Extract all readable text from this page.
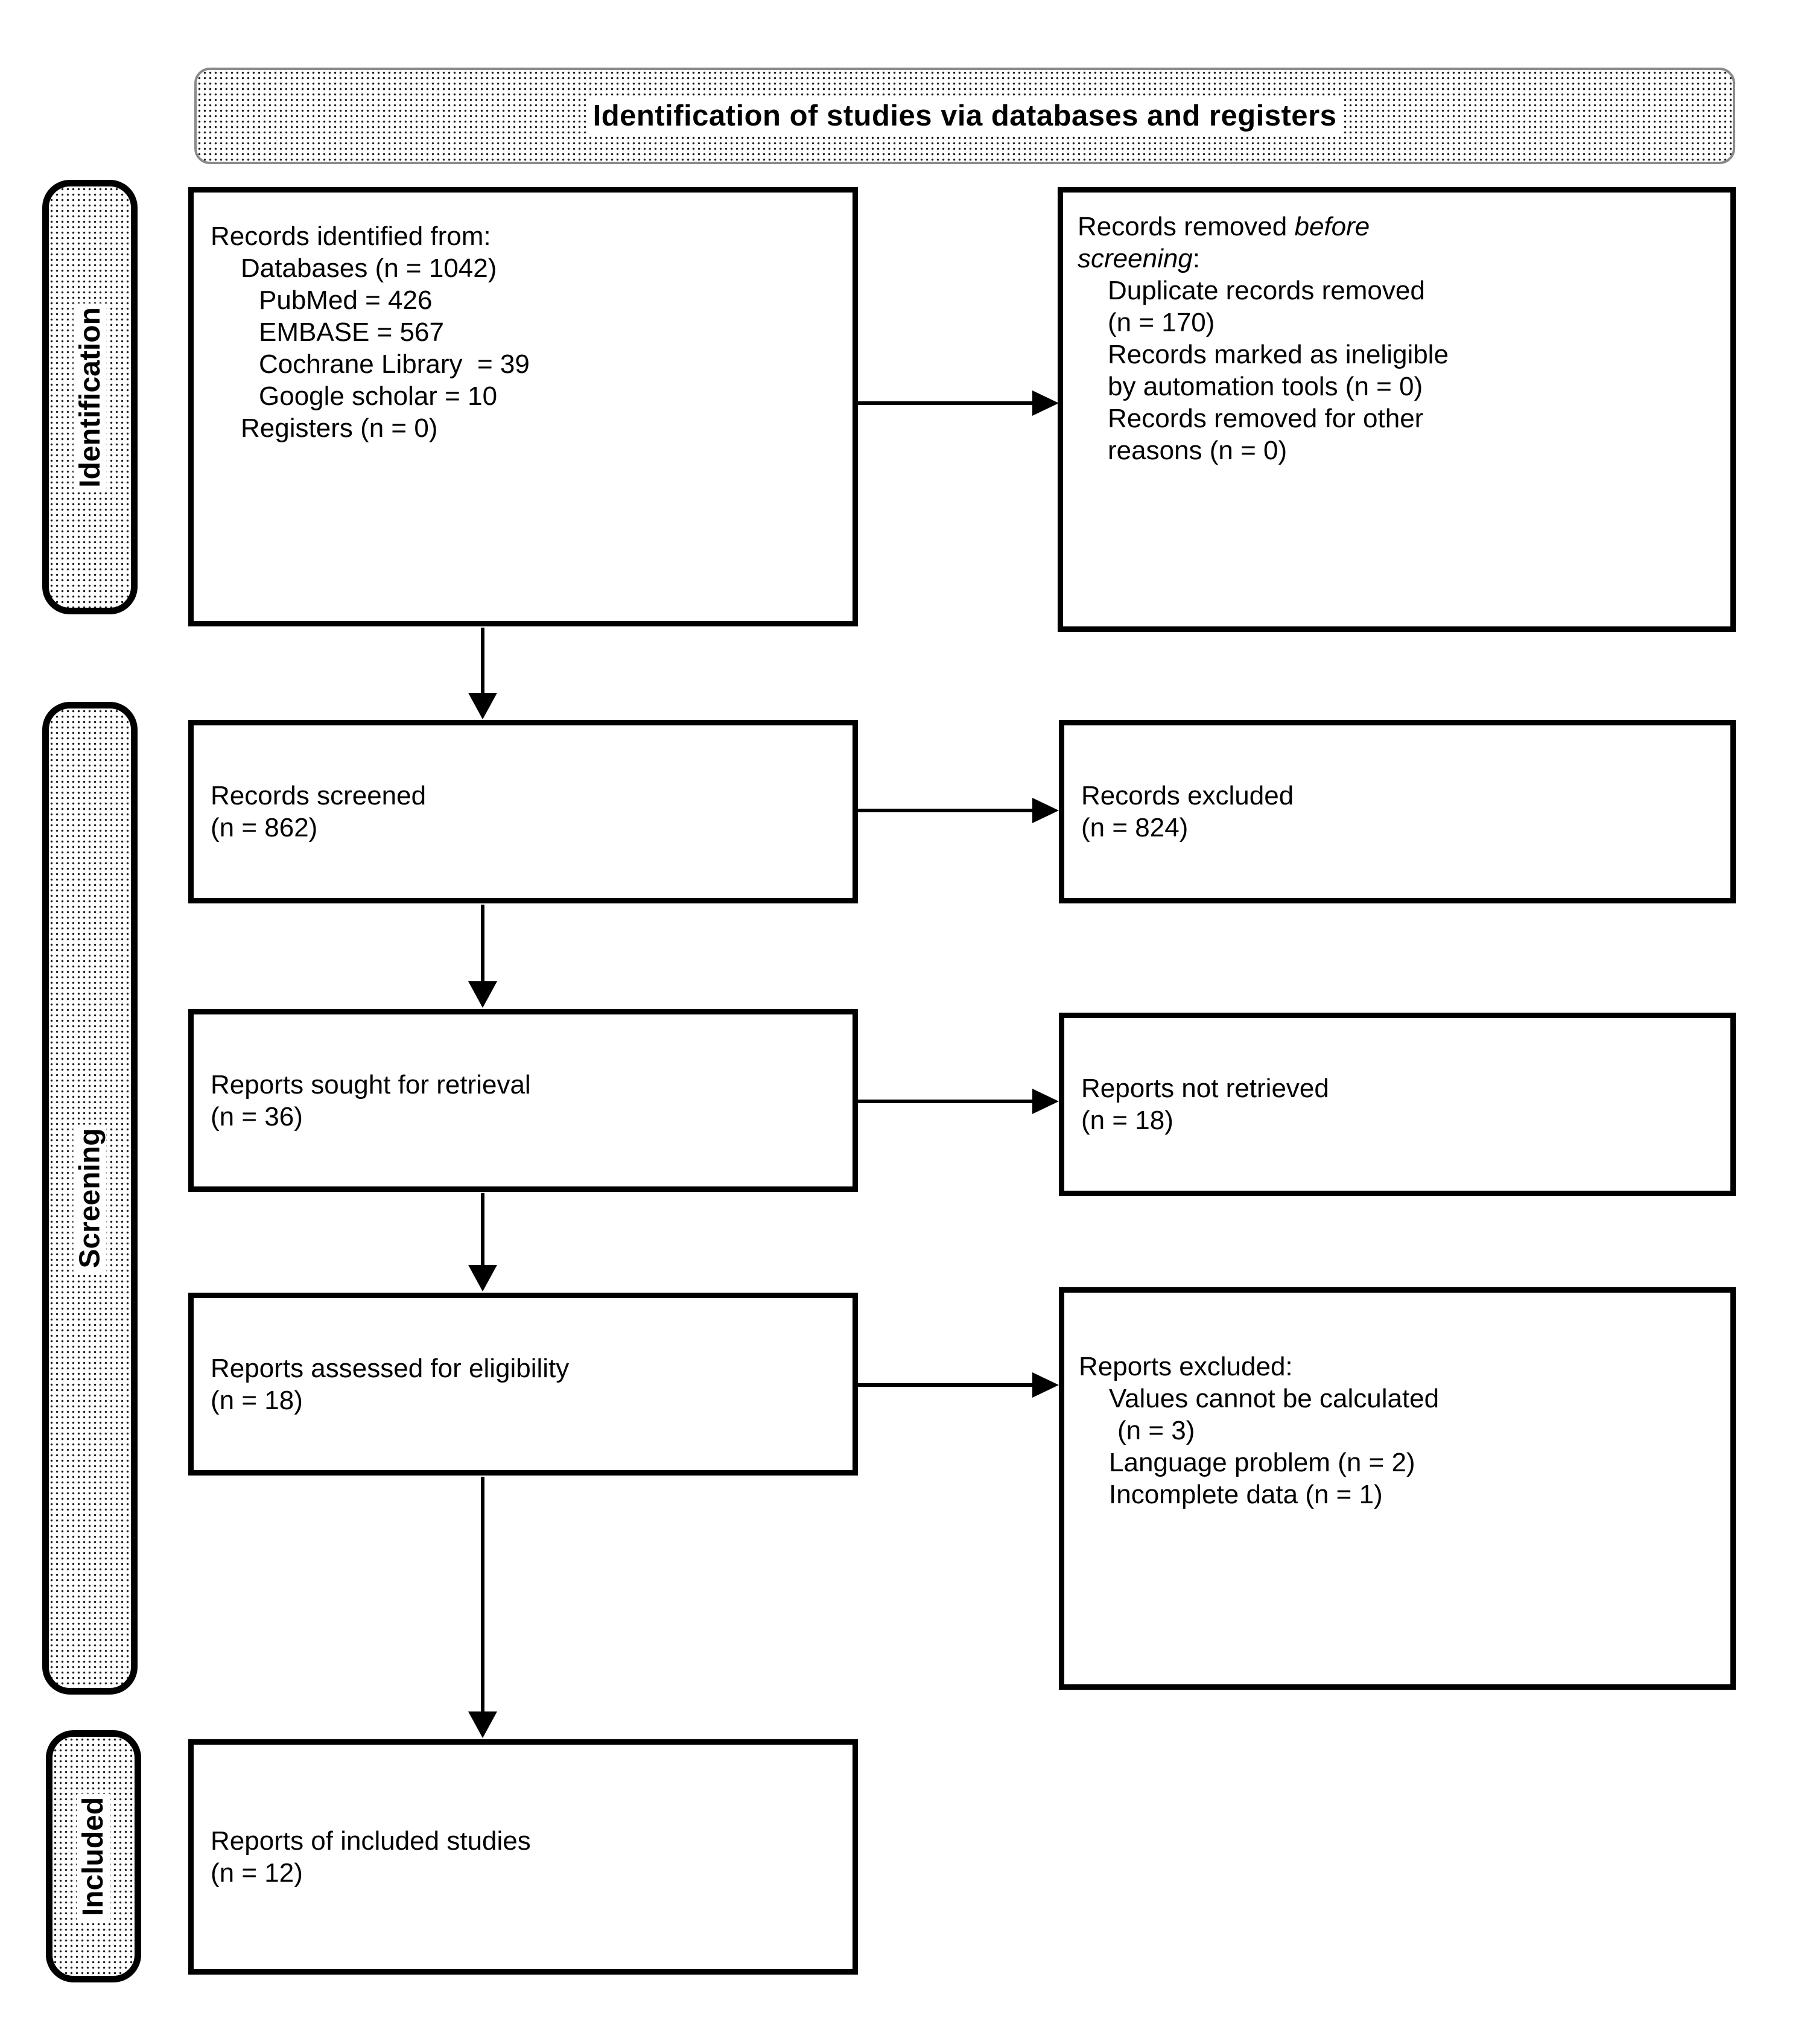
Identification of studies via databases and registers
Identification
Screening
Included
Records identified from:
Databases (n = 1042)
PubMed = 426
EMBASE = 567
Cochrane Library  = 39
Google scholar = 10
Registers (n = 0)
Records removed before
screening:
Duplicate records removed
(n = 170)
Records marked as ineligible
by automation tools (n = 0)
Records removed for other
reasons (n = 0)
Records screened
(n = 862)
Records excluded
(n = 824)
Reports sought for retrieval
(n = 36)
Reports not retrieved
(n = 18)
Reports assessed for eligibility
(n = 18)
Reports excluded:
Values cannot be calculated
(n = 3)
Language problem (n = 2)
Incomplete data (n = 1)
Reports of included studies
(n = 12)
